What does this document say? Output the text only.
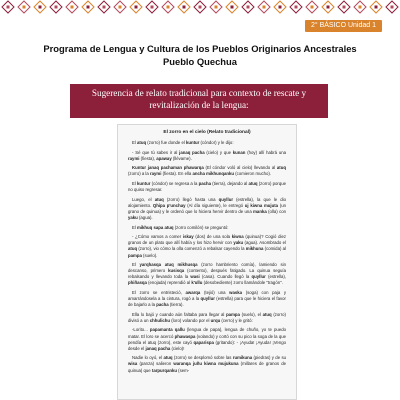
2° BÁSICO Unidad 1
Programa de Lengua y Cultura de los Pueblos Originarios Ancestrales
Pueblo Quechua
Sugerencia de relato tradicional para contexto de rescate y
revitalización de la lengua:
El zorro en el cielo (Relato tradicional)

El atuq (zorro) fue donde el kuntur (cóndor) y le dijo:

- Sé que tú sabes ir al janaq pacha (cielo) y que kunan (hoy) allí habrá una raymi (fiesta), apaway (llévame).

Kuntur janaq pachaman phawarqa (El cóndor voló al cielo) llevando al atuq (zorro) a la raymi (fiesta). En ella ancha mikhunqanku (comieron mucho).

El kuntur (cóndor) se regresa a la pacha (tierra), dejando al atuq (zorro) porque no quiso regresar.

Luego, el atuq (zorro) llegó hasta una quyllur (estrella), la que le dio alojamiento. Qhipa p'unchay (Al día siguiente), le entregó uj kiwna mujuta (un grano de quinua) y le ordenó que lo hiciera hervir dentro de una manka (olla) con yaku (agua).

El mikhuq sapa atuq (zorro comilón) se preguntó:

- ¿Cómo vamos a comer iskay (dos) de una sola kiwna (quinua)? Cogió diez granos de un plato que allí había y los hizo hervir con yaku (agua). Asombrado el atuq (zorro), vio cómo la olla comenzó a rebalsar cayendo la mikhuna (comida) al pampa (suelo).

El yarqhasqa atuq mikhusqa (zorro hambriento comía), lamiendo sin descanso, primero kusisqa (contento), después fatigado. La quinua seguía rebalsando y llevando toda la wasi (casa). Cuando llegó la quyllur (estrella), phiñasqa (enojada) reprendió al k'ullu (desobediente) zorro llamándole "tragón".

El zorro se entristeció, awarqa (tejió) una waska (soga) con paja y amarrándosela a la cintura, rogó a la quyllur (estrella) para que le hiciera el favor de bajarlo a la pacha (tierra).

Ella lo bajó y cuando aún faltaba para llegar al pampa (suelo), el atuq (zorro) divisó a un chhulichu (loro) volando por el urqu (cerro) y le gritó:

-Lorito... papamanta qallu (lengua de papa), lengua de chuño, yo te puedo matar. El loro se acercó phawaspa (volando) y cortó con su pico la soga de la que pendía el atuq (zorro), este cayó qaparispa (gritando): - ¡Ayuda! ¡Ayuda! ¡Vengo desde el janaq pacha (cielo)!

Nadie lo oyó, el atuq (zorro) se desplomó sobre las rumikuna (piedras) y de su wisa (panza) salieron waranqa juñu kiwna mujukuna (millares de granos de quinua) que tarpurqanku (sem-
